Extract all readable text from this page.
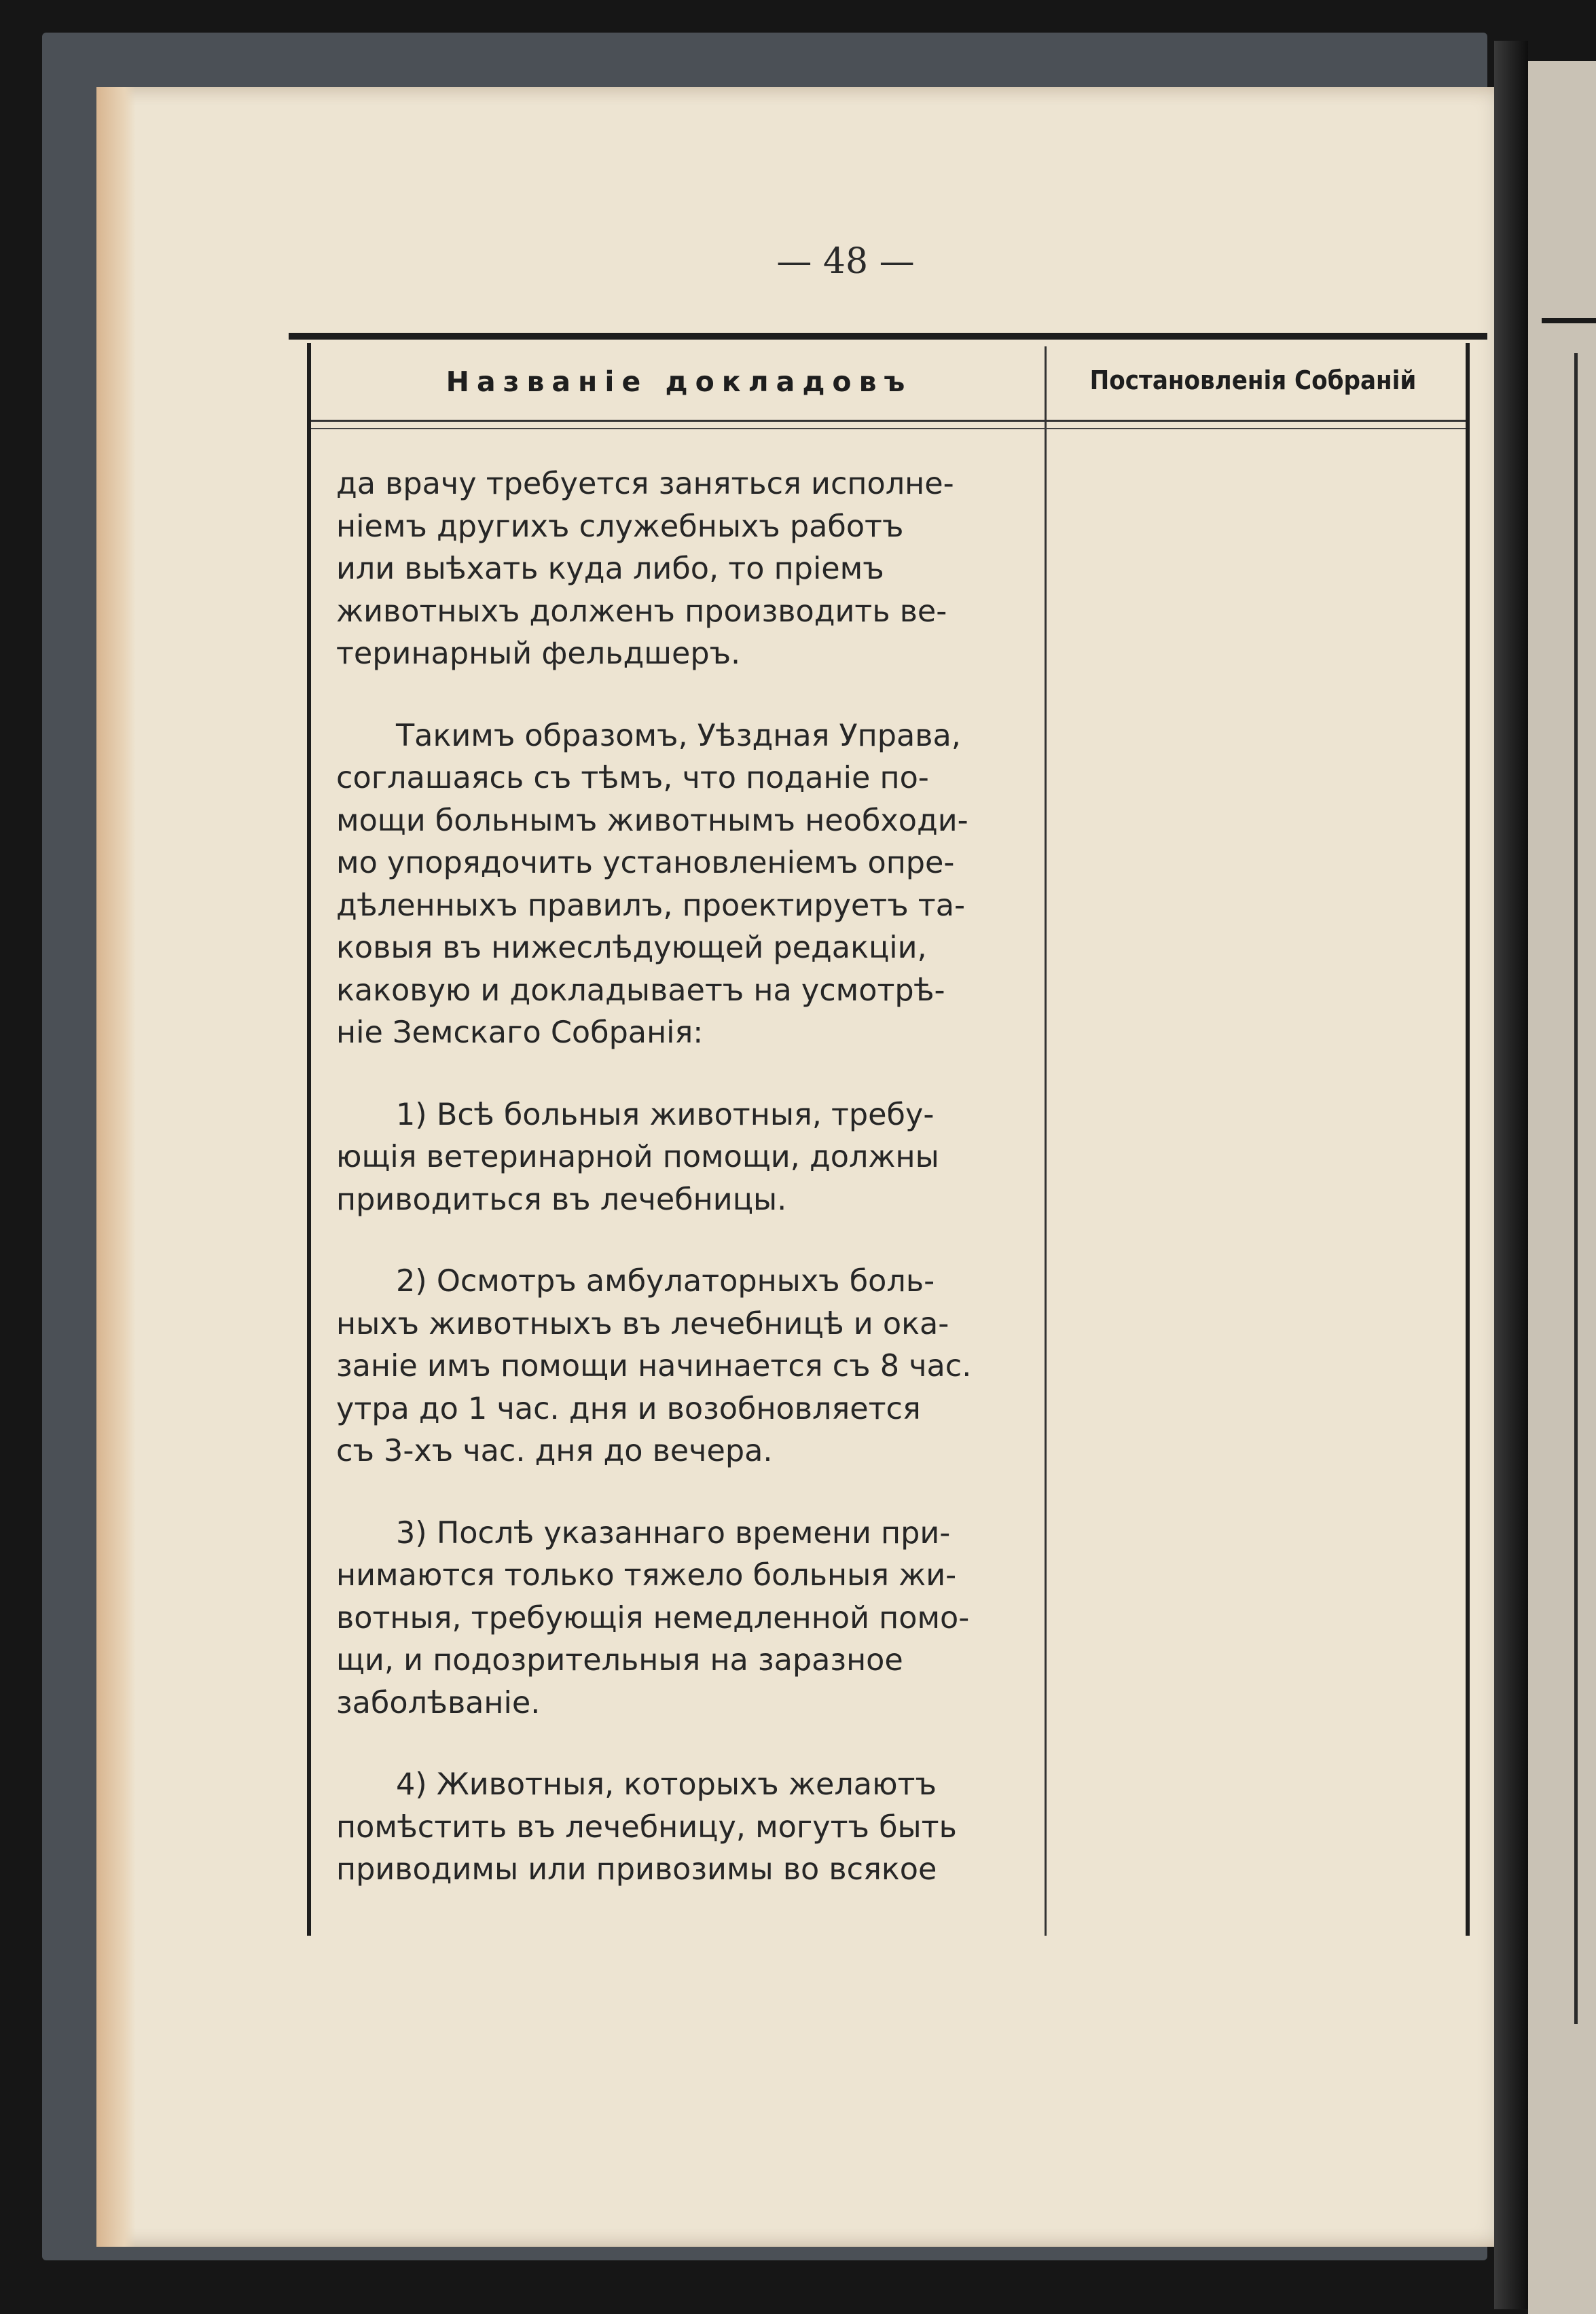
— 48 —
Названіе докладовъ	Постановленія Собраній
да врачу требуется заняться исполне-
ніемъ другихъ служебныхъ работъ
или выѣхать куда либо, то пріемъ
животныхъ долженъ производить ве-
теринарный фельдшеръ.
Такимъ образомъ, Уѣздная Управа,
соглашаясь съ тѣмъ, что поданіе по-
мощи больнымъ животнымъ необходи-
мо упорядочить установленіемъ опре-
дѣленныхъ правилъ, проектируетъ та-
ковыя въ нижеслѣдующей редакціи,
каковую и докладываетъ на усмотрѣ-
ніе Земскаго Собранія:
1) Всѣ больныя животныя, требу-
ющія ветеринарной помощи, должны
приводиться въ лечебницы.
2) Осмотръ амбулаторныхъ боль-
ныхъ животныхъ въ лечебницѣ и ока-
заніе имъ помощи начинается съ 8 час.
утра до 1 час. дня и возобновляется
съ 3-хъ час. дня до вечера.
3) Послѣ указаннаго времени при-
нимаются только тяжело больныя жи-
вотныя, требующія немедленной помо-
щи, и подозрительныя на заразное
заболѣваніе.
4) Животныя, которыхъ желаютъ
помѣстить въ лечебницу, могутъ быть
приводимы или привозимы во всякое
